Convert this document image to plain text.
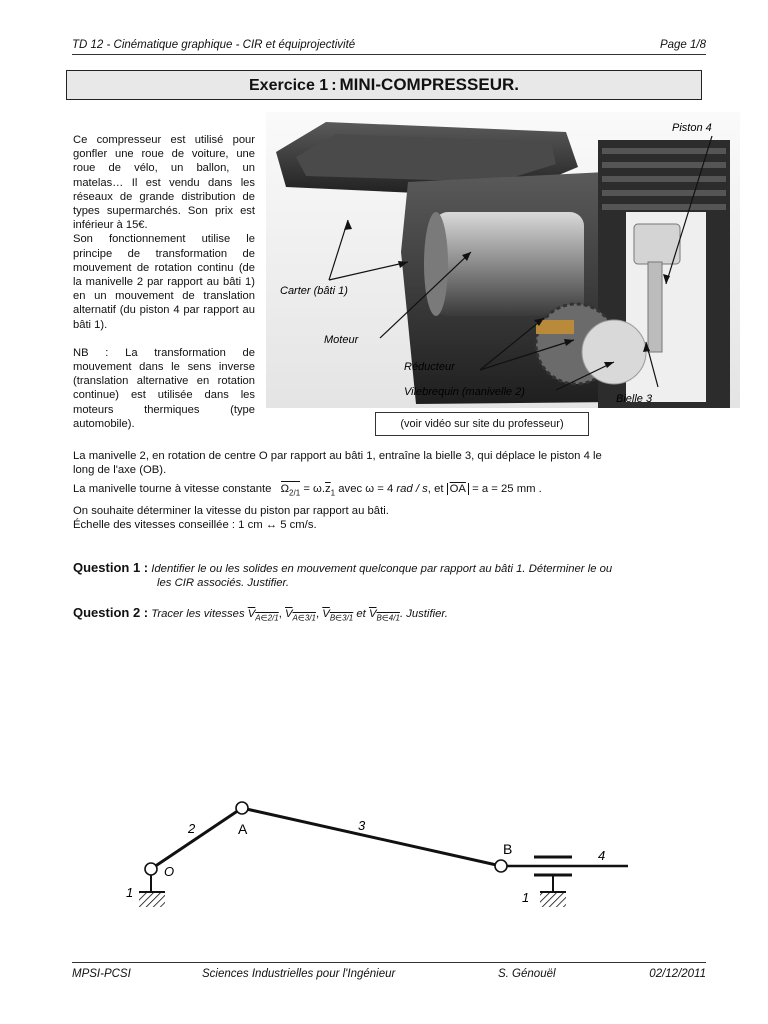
TD 12 - Cinématique graphique - CIR et équiprojectivité	Page 1/8
Exercice 1 : MINI-COMPRESSEUR.

Ce compresseur est utilisé pour gonfler une roue de voiture, une roue de vélo, un ballon, un matelas… Il est vendu dans les réseaux de grande distribution de types supermarchés. Son prix est inférieur à 15€.
Son fonctionnement utilise le principe de transformation de mouvement de rotation continu (de la manivelle 2 par rapport au bâti 1) en un mouvement de translation alternatif (du piston 4 par rapport au bâti 1).

NB : La transformation de mouvement dans le sens inverse (translation alternative en rotation continue) est utilisée dans les moteurs thermiques (type automobile).

Piston 4
Carter (bâti 1)
Moteur
Réducteur
Vilebrequin (manivelle 2)
Bielle 3
(voir vidéo sur site du professeur)
La manivelle 2, en rotation de centre O par rapport au bâti 1, entraîne la bielle 3, qui déplace le piston 4 le
long de l'axe (OB).
La manivelle tourne à vitesse constante $\Omega_{2/1} = \omega.\overline{z}_1$ avec ω = 4 rad / s, et $\overline{OA} = a = 25$ mm .
On souhaite déterminer la vitesse du piston par rapport au bâti.
Échelle des vitesses conseillée : 1 cm ↔ 5 cm/s.
Question 1 : Identifier le ou les solides en mouvement quelconque par rapport au bâti 1. Déterminer le ou
les CIR associés. Justifier.
Question 2 : Tracer les vitesses $V_{A\in 2/1}$, $V_{A\in 3/1}$, $V_{B\in 3/1}$ et $V_{B\in 4/1}$. Justifier.
O
A
B
2	3
4
1	1
MPSI-PCSI	Sciences Industrielles pour l'Ingénieur	S. Génouël	02/12/2011
